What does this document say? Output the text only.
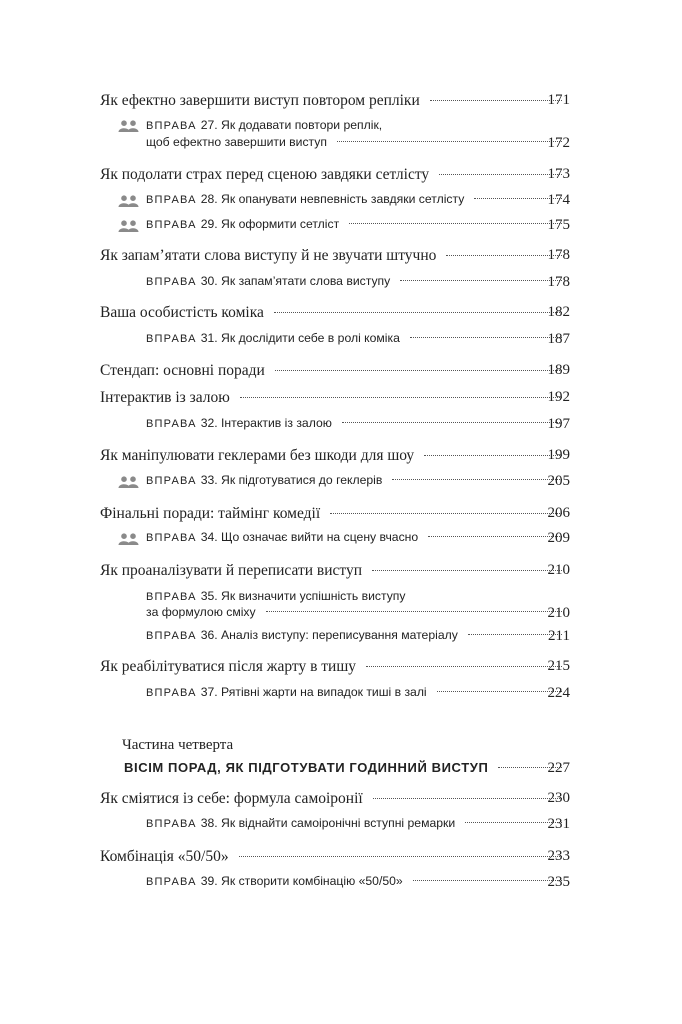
Як ефектно завершити виступ повтором репліки	171
ВПРАВА 27. Як додавати повтори реплік,
щоб ефектно завершити виступ	172
Як подолати страх перед сценою завдяки сетлісту	173
ВПРАВА 28. Як опанувати невпевність завдяки сетлісту	174
ВПРАВА 29. Як оформити сетліст	175
Як запам’ятати слова виступу й не звучати штучно	178
ВПРАВА 30. Як запам’ятати слова виступу	178
Ваша особистість коміка	182
ВПРАВА 31. Як дослідити себе в ролі коміка	187
Стендап: основні поради	189
Інтерактив із залою	192
ВПРАВА 32. Інтерактив із залою	197
Як маніпулювати геклерами без шкоди для шоу	199
ВПРАВА 33. Як підготуватися до геклерів	205
Фінальні поради: таймінг комедії	206
ВПРАВА 34. Що означає вийти на сцену вчасно	209
Як проаналізувати й переписати виступ	210
ВПРАВА 35. Як визначити успішність виступу
за формулою сміху	210
ВПРАВА 36. Аналіз виступу: переписування матеріалу	211
Як реабілітуватися після жарту в тишу	215
ВПРАВА 37. Рятівні жарти на випадок тиші в залі	224
Частина четверта
ВІСІМ ПОРАД, ЯК ПІДГОТУВАТИ ГОДИННИЙ ВИСТУП	227
Як сміятися із себе: формула самоіронії	230
ВПРАВА 38. Як віднайти самоіронічні вступні ремарки	231
Комбінація «50/50»	233
ВПРАВА 39. Як створити комбінацію «50/50»	235
